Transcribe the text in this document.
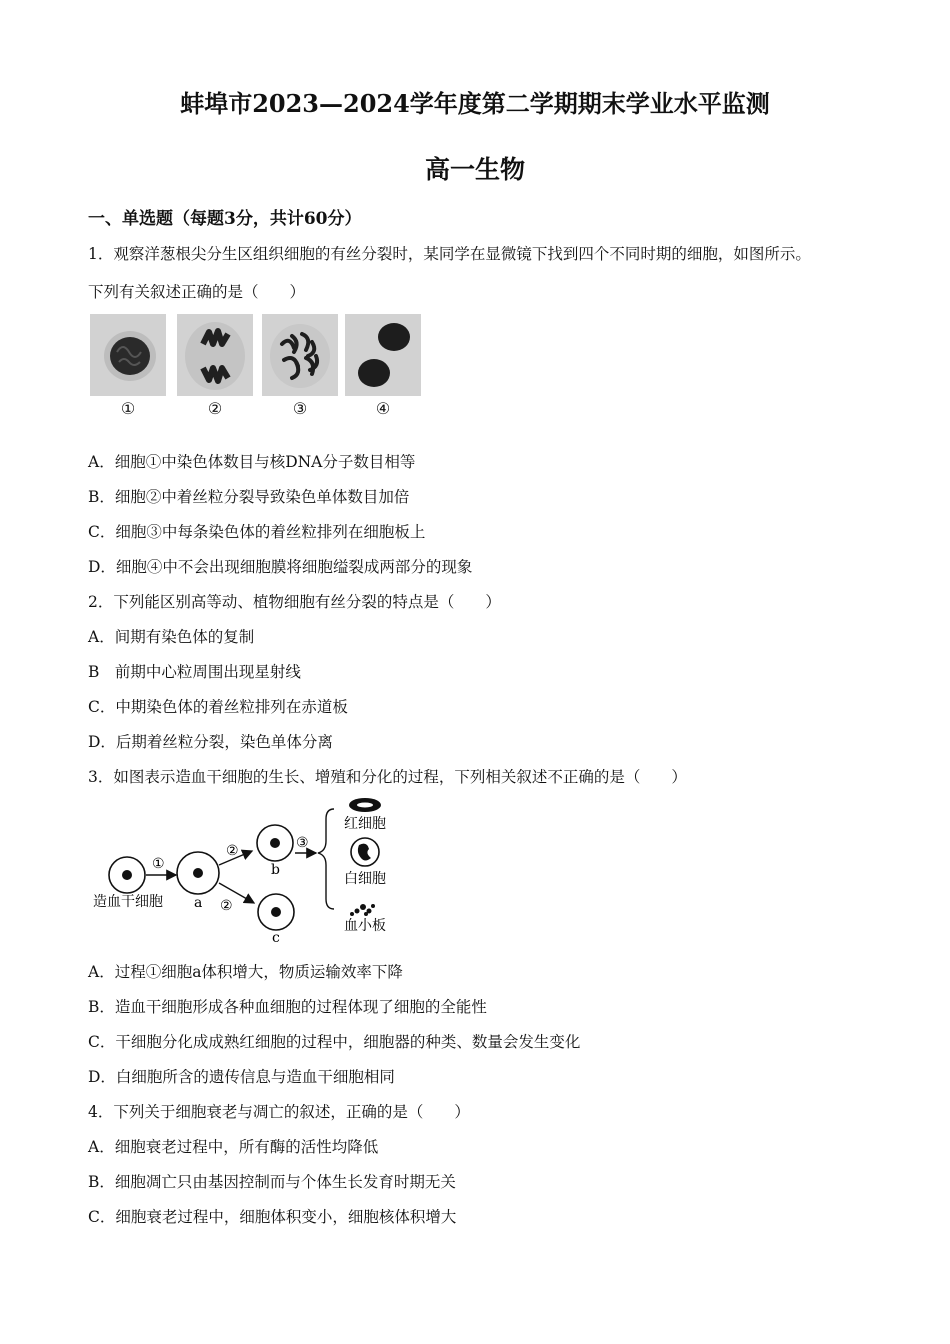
蚌埠市2023—2024学年度第二学期期末学业水平监测
高一生物
一、单选题（每题3分，共计60分）
1．观察洋葱根尖分生区组织细胞的有丝分裂时，某同学在显微镜下找到四个不同时期的细胞，如图所示。
下列有关叙述正确的是（　　）
①	②	③	④
A．细胞①中染色体数目与核DNA分子数目相等
B．细胞②中着丝粒分裂导致染色单体数目加倍
C．细胞③中每条染色体的着丝粒排列在细胞板上
D．细胞④中不会出现细胞膜将细胞缢裂成两部分的现象
2．下列能区别高等动、植物细胞有丝分裂的特点是（　　）
A．间期有染色体的复制
B　前期中心粒周围出现星射线
C．中期染色体的着丝粒排列在赤道板
D．后期着丝粒分裂，染色单体分离
3．如图表示造血干细胞的生长、增殖和分化的过程，下列相关叙述不正确的是（　　）
造血干细胞
①
a
②
②
b
c
③
红细胞
白细胞
血小板
A．过程①细胞a体积增大，物质运输效率下降
B．造血干细胞形成各种血细胞的过程体现了细胞的全能性
C．干细胞分化成成熟红细胞的过程中，细胞器的种类、数量会发生变化
D．白细胞所含的遗传信息与造血干细胞相同
4．下列关于细胞衰老与凋亡的叙述，正确的是（　　）
A．细胞衰老过程中，所有酶的活性均降低
B．细胞凋亡只由基因控制而与个体生长发育时期无关
C．细胞衰老过程中，细胞体积变小，细胞核体积增大
